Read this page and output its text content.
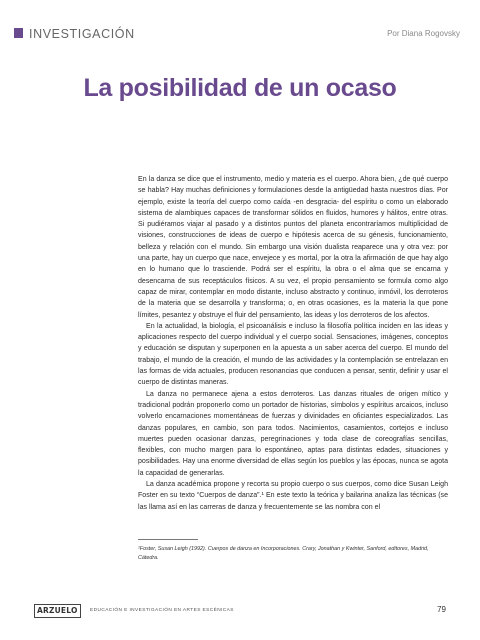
INVESTIGACIÓN	Por Diana Rogovsky
La posibilidad de un ocaso

En la danza se dice que el instrumento, medio y materia es el cuerpo. Ahora bien, ¿de qué cuerpo se habla? Hay muchas definiciones y formulaciones desde la antigüedad hasta nuestros días. Por ejemplo, existe la teoría del cuerpo como caída -en desgracia- del espíritu o como un elaborado sistema de alambiques capaces de transformar sólidos en fluidos, humores y hálitos, entre otras. Si pudiéramos viajar al pasado y a distintos puntos del planeta encontraríamos multiplicidad de visiones, construcciones de ideas de cuerpo e hipótesis acerca de su génesis, funcionamiento, belleza y relación con el mundo. Sin embargo una visión dualista reaparece una y otra vez: por una parte, hay un cuerpo que nace, envejece y es mortal, por la otra la afirmación de que hay algo en lo humano que lo trasciende. Podrá ser el espíritu, la obra o el alma que se encarna y desencarna de sus receptáculos físicos. A su vez, el propio pensamiento se formula como algo capaz de mirar, contemplar en modo distante, incluso abstracto y continuo, inmóvil, los derroteros de la materia que se desarrolla y transforma; o, en otras ocasiones, es la materia la que pone límites, pesantez y obstruye el fluir del pensamiento, las ideas y los derroteros de los afectos.

En la actualidad, la biología, el psicoanálisis e incluso la filosofía política inciden en las ideas y aplicaciones respecto del cuerpo individual y el cuerpo social. Sensaciones, imágenes, conceptos y educación se disputan y superponen en la apuesta a un saber acerca del cuerpo. El mundo del trabajo, el mundo de la creación, el mundo de las actividades y la contemplación se entrelazan en las formas de vida actuales, producen resonancias que conducen a pensar, sentir, definir y usar el cuerpo de distintas maneras.

La danza no permanece ajena a estos derroteros. Las danzas rituales de origen mítico y tradicional podrán proponerlo como un portador de historias, símbolos y espíritus arcaicos, incluso volverlo encarnaciones momentáneas de fuerzas y divinidades en oficiantes especializados. Las danzas populares, en cambio, son para todos. Nacimientos, casamientos, cortejos e incluso muertes pueden ocasionar danzas, peregrinaciones y toda clase de coreografías sencillas, flexibles, con mucho margen para lo espontáneo, aptas para distintas edades, situaciones y posibilidades. Hay una enorme diversidad de ellas según los pueblos y las épocas, nunca se agota la capacidad de generarlas.

La danza académica propone y recorta su propio cuerpo o sus cuerpos, como dice Susan Leigh Foster en su texto “Cuerpos de danza”.¹ En este texto la teórica y bailarina analiza las técnicas (se las llama así en las carreras de danza y frecuentemente se las nombra con el

¹Foster, Susan Leigh (1992). Cuerpos de danza en Incorporaciones. Crary, Jonathan y Kwinter, Sanford, editores, Madrid, Cátedra.
ARZUELO	EDUCACIÓN E INVESTIGACIÓN EN ARTES ESCÉNICAS	79
